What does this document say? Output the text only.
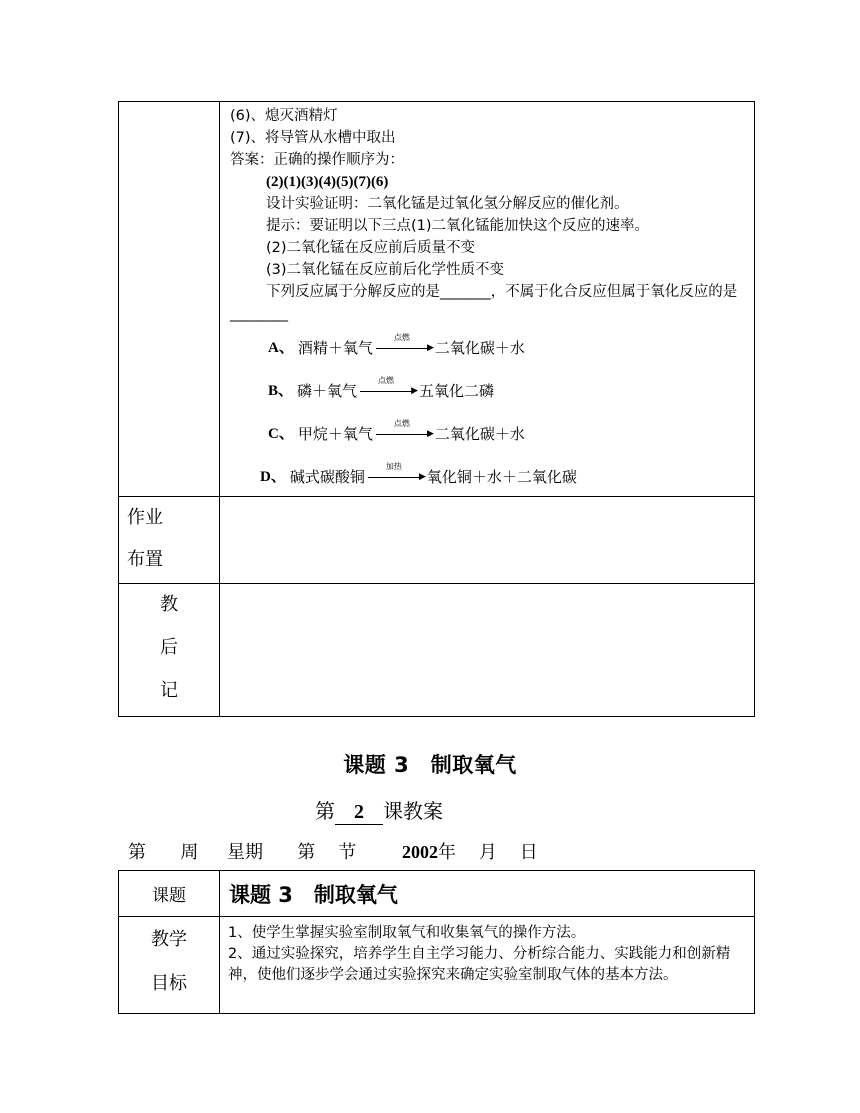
(6)、熄灭酒精灯
(7)、将导管从水槽中取出
答案：正确的操作顺序为：
(2)(1)(3)(4)(5)(7)(6)
设计实验证明：二氧化锰是过氧化氢分解反应的催化剂。
提示：要证明以下三点(1)二氧化锰能加快这个反应的速率。
(2)二氧化锰在反应前后质量不变
(3)二氧化锰在反应前后化学性质不变
下列反应属于分解反应的是_______，不属于化合反应但属于氧化反应的是________
A、 酒精＋氧气
点燃
▶ 二氧化碳＋水
B、 磷＋氧气
点燃
▶ 五氧化二磷
C、 甲烷＋氧气
点燃
▶ 二氧化碳＋水
D、 碱式碳酸铜
加热
▶ 氧化铜＋水＋二氧化碳
作业
布置
教
后
记
课题 3　制取氧气
第 2 课教案
第 周 星期 第 节	2002年 月 日
课题	课题 3　制取氧气
教学
目标
1、使学生掌握实验室制取氧气和收集氧气的操作方法。
2、通过实验探究，培养学生自主学习能力、分析综合能力、实践能力和创新精神，使他们逐步学会通过实验探究来确定实验室制取气体的基本方法。
